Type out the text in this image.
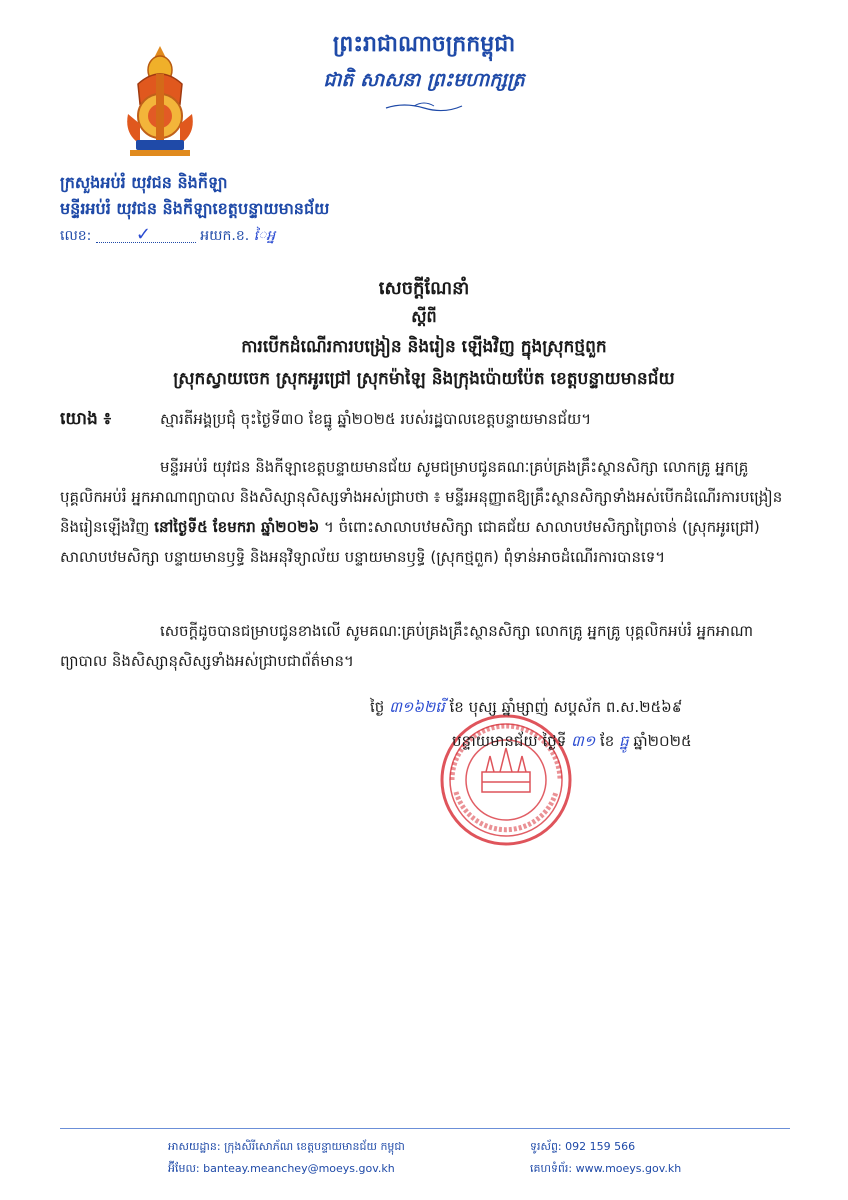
ព្រះរាជាណាចក្រកម្ពុជា
ជាតិ សាសនា ព្រះមហាក្សត្រ
ក្រសួងអប់រំ យុវជន និងកីឡា
មន្ទីរអប់រំ យុវជន និងកីឡាខេត្តបន្ទាយមានជ័យ
លេខ: ✓	អយក.ខ. ៃអ្ន
សេចក្តីណែនាំ
ស្តីពី
ការបើកដំណើរការបង្រៀន និងរៀន ឡើងវិញ ក្នុងស្រុកថ្មពួក
ស្រុកស្វាយចេក ស្រុកអូរជ្រៅ ស្រុកម៉ាឡៃ និងក្រុងប៉ោយប៉ែត ខេត្តបន្ទាយមានជ័យ
យោង ៖	ស្មារតីអង្គប្រជុំ ចុះថ្ងៃទី៣០ ខែធ្នូ ឆ្នាំ២០២៥ របស់រដ្ឋបាលខេត្តបន្ទាយមានជ័យ។
មន្ទីរអប់រំ យុវជន និងកីឡាខេត្តបន្ទាយមានជ័យ សូមជម្រាបជូនគណៈគ្រប់គ្រងគ្រឹះស្ថានសិក្សា លោកគ្រូ អ្នកគ្រូ បុគ្គលិកអប់រំ អ្នកអាណាព្យាបាល និងសិស្សានុសិស្សទាំងអស់ជ្រាបថា ៖ មន្ទីរអនុញ្ញាតឱ្យគ្រឹះស្ថានសិក្សាទាំងអស់បើកដំណើរការបង្រៀន និងរៀនឡើងវិញ នៅថ្ងៃទី៥ ខែមករា ឆ្នាំ២០២៦ ។ ចំពោះសាលាបឋមសិក្សា ជោគជ័យ សាលាបឋមសិក្សាព្រៃចាន់ (ស្រុកអូរជ្រៅ) សាលាបឋមសិក្សា បន្ទាយមានឫទ្ធិ និងអនុវិទ្យាល័យ បន្ទាយមានឫទ្ធិ (ស្រុកថ្មពួក) ពុំទាន់អាចដំណើរការបានទេ។
សេចក្តីដូចបានជម្រាបជូនខាងលើ សូមគណៈគ្រប់គ្រងគ្រឹះស្ថានសិក្សា លោកគ្រូ អ្នកគ្រូ បុគ្គលិកអប់រំ អ្នកអាណាព្យាបាល និងសិស្សានុសិស្សទាំងអស់ជ្រាបជាព័ត៌មាន។
ថ្ងៃ ៣១៦២រើ ខែ បុស្ស ឆ្នាំម្សាញ់ សប្តស័ក ព.ស.២៥៦៩
បន្ទាយមានជ័យ ថ្ងៃទី ៣១ ខែ ធ្នូ ឆ្នាំ២០២៥
អាសយដ្ឋាន: ក្រុងសិរីសោភ័ណ ខេត្តបន្ទាយមានជ័យ កម្ពុជា
អ៊ីមែល: banteay.meanchey@moeys.gov.kh
ទូរស័ព្ទ: 092 159 566
គេហទំព័រ: www.moeys.gov.kh
